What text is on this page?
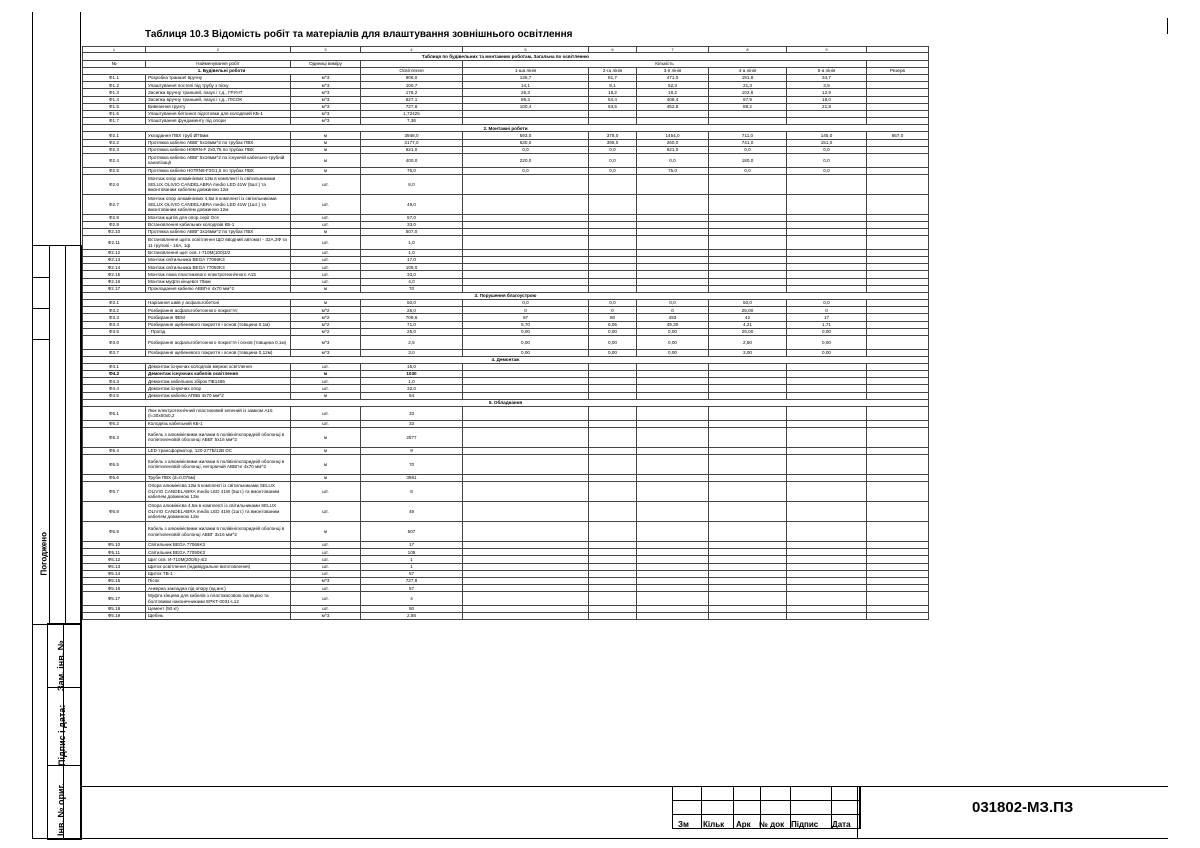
Погоджено
Зам. інв. №
Підпис і дата:
Інв. № ориг.
Таблиця 10.3 Відомість робіт та матеріалів для влаштування зовнішнього освітлення
1	2	3	4	5	6	7	8	9	
Таблиця по будівельних та монтажних роботам. Загальна по освітленню									
№	Найменування робіт	Одиниці виміру		Кількість					
1. Будівельні роботи			Освітлення	1-ша лінія	2-га лінія	3-я лінія	4-а лінія	5-а лінія	Резерв
Ф1.1	Розробка траншеї вручну	м^3	906,0	136,7	81,7	471,0	191,8	34,7	
Ф1.2	Улаштування постелі під трубу з піску	м^3	100,7	14,1	9,1	52,3	21,3	3,9	
Ф1.3	Засипка вручну траншей, пазух і т.д., ГРУНТ	м^3	178,2	26,3	18,2	18,2	102,6	12,9	
Ф1.4	Засипка вручну траншей, пазух і т.д., ПІСОК	м^3	627,1	89,3	54,4	408,4	67,9	18,0	
Ф1.5	Вивезення грунту	м^3	727,8	100,4	63,5	452,8	89,2	21,8	
Ф1.6	Улаштування бетонної підготовки для колодязей КБ-1	м^3	1,72425						
Ф1.7	Улаштування фундаменту під опори	м^3	7,36						
2. Монтажні роботи									
Ф2.1	Укладання ПВХ труб Ø75мм	м	3948,0	593,0	378,0	1454,0	711,0	145,0	667,0
Ф2.2	Протяжка кабелю АВВГ 5х16мм^2 по трубах ПВХ	м	2177,0	630,0	395,0	260,0	741,0	151,0	
Ф2.3	Протяжка кабелю H05RN-F 2х0,75 по трубах ПВХ	м	621,0	0,0	0,0	621,0	0,0	0,0	
Ф2.4	Протяжка кабелю АВВГ 5х16мм^2 по існуючій кабельно-трубній каналізації	м	400,0	220,0	0,0	0,0	180,0	0,0	
Ф2.5	Протяжка кабелю H07RN8-F3G1,5 по трубах ПВХ	м	75,0	0,0	0,0	75,0	0,0	0,0	
Ф2.6	Монтаж опор алюмінієвих 12м в комплекті із світильниками SELUX OLIVIO CANDELABRA medio LED 41W (5шт.) та вмонтованим кабелем довжиною 12м	шт.	8,0						
Ф2.7	Монтаж опор алюмінієвих 4,5м в комплекті із світильниками SELUX OLIVIO CANDELABRA medio LED 41W (1шт.) та вмонтованим кабелем довжиною 12м	шт.	49,0						
Ф2.8	Монтаж щитів для опор серії Ocs	шт.	57,0						
Ф2.9	Встановлення кабельних колодязів КБ-1	шт.	33,0						
Ф2.10	Протяжка кабелю АВВГ 3х16мм^2 по трубах ПВХ	м	507,0						
Ф2.11	Встановлення щита освітлення ЩО вводний автомат - 32А,3Ф та 11 групові - 16А, 1ф	шт.	1,0						
Ф2.12	Встановлення щит осв. І-710М(100)3/2	шт.	1,0						
Ф2.13	Монтаж світильника BEGA 77066K3	шт.	17,0						
Ф2.14	Монтаж світильника BEGA 77050K3	шт.	109,0						
Ф2.15	Монтаж люка пластикового електротехнічного А15	шт.	33,0						
Ф2.16	Монтаж муфти кінцевої 70мм	шт.	4,0						
Ф2.17	Прокладання кабелю АВВГнг 4х70 мм^2	м	70						
3. Порушення благоустрою									
Ф3.1	Нарізання швів у асфальтобетоні	м	50,0	0,0	0,0	0,0	50,0	0,0	
Ф3.2	Розбирання асфальтобетонного покриття;	м^2	25,0	0	0	0	25,00	0	
Ф3.3	Розбирання ФЕМ	м^2	709,6	97	80	493	42	17	
Ф3.4	Розбирання щебеневого покриття і основ (товщина 0,1м)	м^2	71,0	9,70	6,05	49,30	4,21	1,71	
Ф3.5	- Проїзд	м^2	25,0	0,00	0,00	0,00	25,00	0,00	
Ф3.6	Розбирання асфальтобетонного покриття і основ (товщина 0,1м)	м^3	2,5	0,00	0,00	0,00	2,50	0,00	
Ф3.7	Розбирання щебеневого покриття і основ (товщина 0,12м)	м^3	3,0	0,00	0,00	0,00	3,00	0,00	
4. Демонтаж									
Ф4.1	Демонтаж існуючих колодязів мережі освітлення	шт.	15,0						
Ф4.2	Демонтаж існуючих кабелів освітлення	м	1030						
Ф4.3	Демонтаж кабельних збірок ПВ1486	шт.	1,0						
Ф4.4	Демонтаж існуючих опор	шт.	32,0						
Ф4.5	Демонтаж кабелю АПВБ 4х70 мм^2	м	54						
5. Обладнання									
Ф5.1	Люк електротехнічний пластиковий зелений із замком А15 (l=30х60х0,2	шт.	33						
Ф5.2	Колодязь кабельний КБ-1	шт.	33						
Ф5.3	Кабель з алюмінієвими жилами в полівінілхлоридній оболонці в поліетиленовій оболонці АВВГ 5х16 мм^2	м	2577						
Ф5.4	LED-трансформатор, 120-277В/12В DC	м	9						
Ф5.5	Кабель з алюмінієвими жилами в полівінілхлоридній оболонці в поліетиленовій оболонці, негорючий АВВГнг 4х70 мм^2	м	70						
Ф5.6	Труби ПВХ (d=0,075м)	м	3981						
Ф5.7	Опора алюмінієва 12м в комплекті із світильниками SELUX OLIVIO CANDELABRA medio LED 41W (5шт.) та вмонтованим кабелем довжиною 12м	шт.	8						
Ф5.8	Опора алюмінієва 4,5м в комплекті із світильниками SELUX OLIVIO CANDELABRA medio LED 41W (1шт.) та вмонтованим кабелем довжиною 12м	шт.	49						
Ф5.9	Кабель з алюмінієвими жилами в полівінілхлоридній оболонці в поліетиленовій оболонці АВВГ 3х16 мм^2	м	507						
Ф5.10	Світильник BEGA 77066K3	шт.	17						
Ф5.11	Світильник BEGA 77050K3	шт.	109						
Ф5.12	Щит осв. И-710М(200/5)-4/2	шт.	1						
Ф5.13	Щиток освітлення (індивідуальне виготовлення)	шт.	1						
Ф5.14	Щиток ТВ-1	шт.	57						
Ф5.15	Пісок	м^3	727,8						
Ф5.16	Анкерна закладна під опору (кд.анг.)	шт.	57						
Ф5.17	Муфта кінцева для кабелів з пластмасовою ізоляцією та болтовими наконечниками EPKT-0031-L12	шт.	4						
Ф5.18	Цемент (50 кг)	шт.	50						
Ф5.19	Щебінь	м^3	2,88						

Зм Кільк Арк № док Підпис Дата
031802-МЗ.ПЗ
